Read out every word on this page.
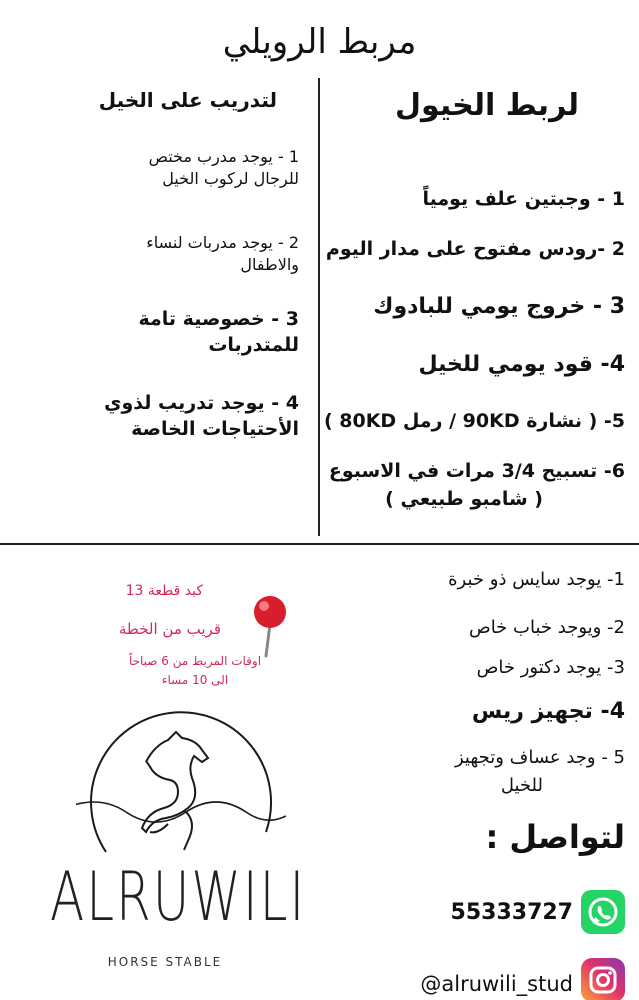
مربط الرويلي
لربط الخيول
1 - وجبتين علف يومياً
2 -رودس مفتوح على مدار اليوم
3 - خروج يومي للبادوك
4- قود يومي للخيل
5- ( نشارة 90KD / رمل 80KD )
6- تسبيح 3/4 مرات في الاسبوع
( شامبو طبيعي )
لتدريب على الخيل
1 - يوجد مدرب مختص
للرجال لركوب الخيل
2 - يوجد مدربات لنساء
والاطفال
3 - خصوصية تامة
للمتدربات
4 - يوجد تدريب لذوي
الأحتياجات الخاصة
1- يوجد سايس ذو خبرة
2- ويوجد خباب خاص
3- يوجد دكتور خاص
4- تجهيز ريس
5 - وجد عساف وتجهيز
للخيل
لتواصل :
55333727
@alruwili_stud
كبد قطعة 13
قريب من الخطة
اوقات المربط من 6 صباحاً
الى 10 مساء
ALRUWILI
HORSE STABLE
